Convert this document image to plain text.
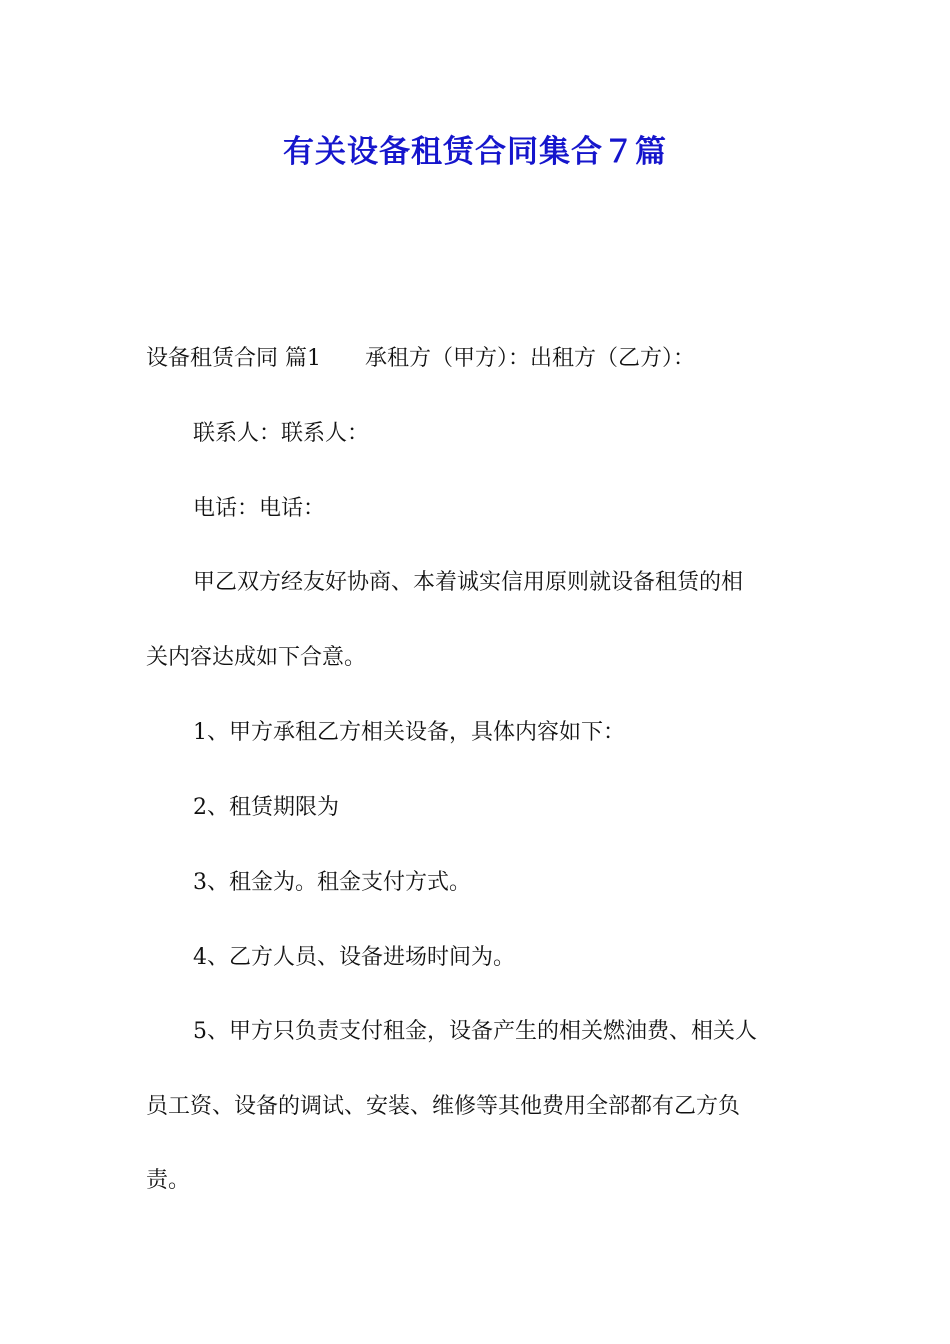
有关设备租赁合同集合７篇
设备租赁合同 篇1 承租方（甲方）：出租方（乙方）：
联系人：联系人：
电话：电话：
甲乙双方经友好协商、本着诚实信用原则就设备租赁的相
关内容达成如下合意。
1、甲方承租乙方相关设备，具体内容如下：
2、租赁期限为
3、租金为。租金支付方式。
4、乙方人员、设备进场时间为。
5、甲方只负责支付租金，设备产生的相关燃油费、相关人
员工资、设备的调试、安装、维修等其他费用全部都有乙方负
责。
